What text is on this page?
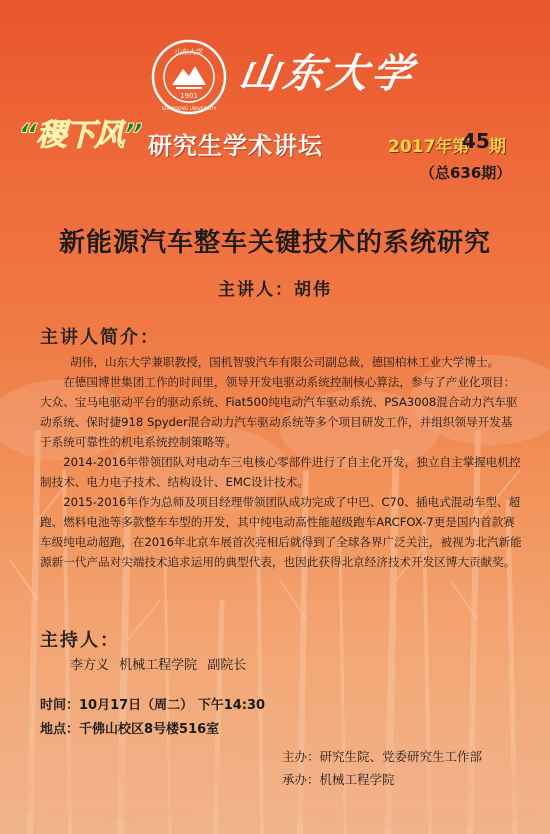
1901
山东大学
SHANDONG UNIVERSITY
山东大学
“稷下风” 研究生学术讲坛	2017年第
45 期
（总636期）
新能源汽车整车关键技术的系统研究
主讲人：胡伟
主讲人简介：

胡伟，山东大学兼职教授，国机智骏汽车有限公司副总裁，德国柏林工业大学博士。

在德国博世集团工作的时间里，领导开发电驱动系统控制核心算法，参与了产业化项目：大众、宝马电驱动平台的驱动系统、Fiat500纯电动汽车驱动系统、PSA3008混合动力汽车驱动系统、保时捷918 Spyder混合动力汽车驱动系统等多个项目研发工作，并组织领导开发基于系统可靠性的机电系统控制策略等。

2014-2016年带领团队对电动车三电核心零部件进行了自主化开发，独立自主掌握电机控制技术、电力电子技术、结构设计、EMC设计技术。

2015-2016年作为总师及项目经理带领团队成功完成了中巴、C70、插电式混动车型、超跑、燃料电池等多款整车车型的开发，其中纯电动高性能超级跑车ARCFOX-7更是国内首款赛车级纯电动超跑，在2016年北京车展首次亮相后就得到了全球各界广泛关注，被视为北汽新能源新一代产品对尖端技术追求运用的典型代表，也因此获得北京经济技术开发区博大贡献奖。

主持人：
李方义 机械工程学院 副院长
时间：10月17日（周二） 下午14:30
地点：千佛山校区8号楼516室
主办：研究生院、党委研究生工作部
承办：机械工程学院
